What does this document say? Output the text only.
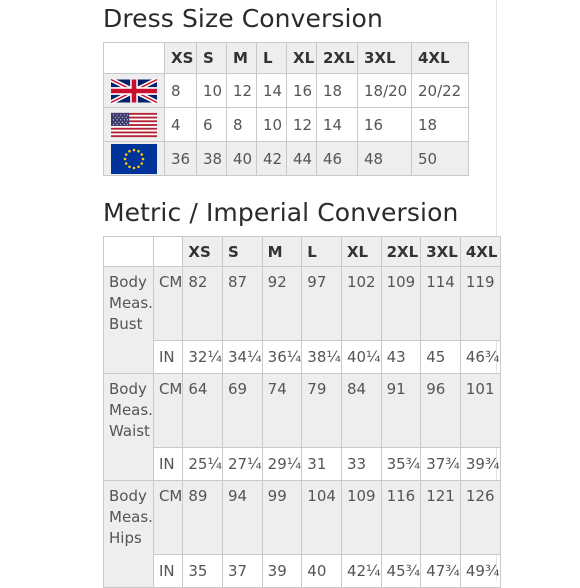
Dress Size Conversion
	XS	S	M	L	XL	2XL	3XL	4XL

	8	10	12	14	16	18	18/20	20/22

	4	6	8	10	12	14	16	18

	36	38	40	42	44	46	48	50
Metric / Imperial Conversion
		XS	S	M	L	XL	2XL	3XL	4XL
Body Meas. Bust	CM	82	87	92	97	102	109	114	119
	IN	32¼	34¼	36¼	38¼	40¼	43	45	46¾
Body Meas. Waist	CM	64	69	74	79	84	91	96	101
	IN	25¼	27¼	29¼	31	33	35¾	37¾	39¾
Body Meas. Hips	CM	89	94	99	104	109	116	121	126
	IN	35	37	39	40	42¼	45¾	47¾	49¾
